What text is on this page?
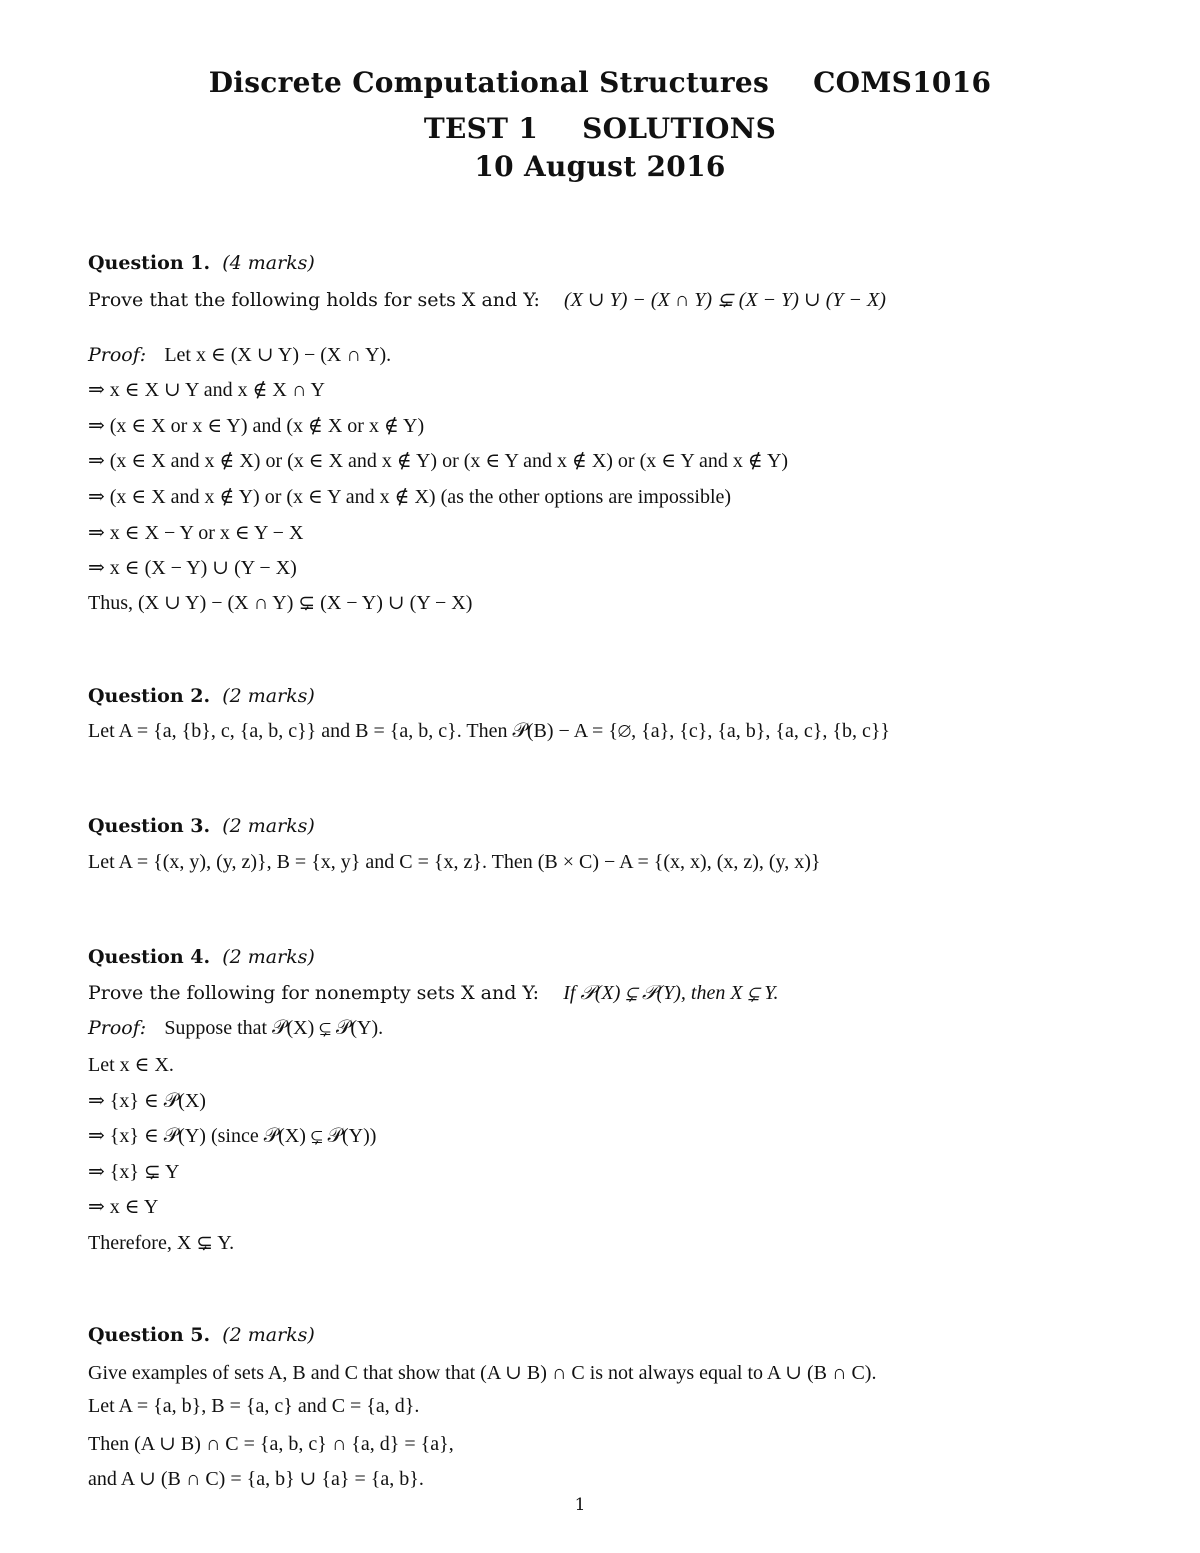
Discrete Computational Structures COMS1016
TEST 1 SOLUTIONS
10 August 2016
Question 1. (4 marks)
Prove that the following holds for sets X and Y: (X ∪ Y) − (X ∩ Y) ⊊ (X − Y) ∪ (Y − X)
Proof: Let x ∈ (X ∪ Y) − (X ∩ Y).
⇒ x ∈ X ∪ Y and x ∉ X ∩ Y
⇒ (x ∈ X or x ∈ Y) and (x ∉ X or x ∉ Y)
⇒ (x ∈ X and x ∉ X) or (x ∈ X and x ∉ Y) or (x ∈ Y and x ∉ X) or (x ∈ Y and x ∉ Y)
⇒ (x ∈ X and x ∉ Y) or (x ∈ Y and x ∉ X) (as the other options are impossible)
⇒ x ∈ X − Y or x ∈ Y − X
⇒ x ∈ (X − Y) ∪ (Y − X)
Thus, (X ∪ Y) − (X ∩ Y) ⊊ (X − Y) ∪ (Y − X)
Question 2. (2 marks)
Let A = {a, {b}, c, {a, b, c}} and B = {a, b, c}. Then 𝒫(B) − A = {∅, {a}, {c}, {a, b}, {a, c}, {b, c}}
Question 3. (2 marks)
Let A = {(x, y), (y, z)}, B = {x, y} and C = {x, z}. Then (B × C) − A = {(x, x), (x, z), (y, x)}
Question 4. (2 marks)
Prove the following for nonempty sets X and Y: If 𝒫(X) ⊊ 𝒫(Y), then X ⊊ Y.
Proof: Suppose that 𝒫(X) ⊊ 𝒫(Y).
Let x ∈ X.
⇒ {x} ∈ 𝒫(X)
⇒ {x} ∈ 𝒫(Y) (since 𝒫(X) ⊊ 𝒫(Y))
⇒ {x} ⊊ Y
⇒ x ∈ Y
Therefore, X ⊊ Y.
Question 5. (2 marks)
Give examples of sets A, B and C that show that (A ∪ B) ∩ C is not always equal to A ∪ (B ∩ C).
Let A = {a, b}, B = {a, c} and C = {a, d}.
Then (A ∪ B) ∩ C = {a, b, c} ∩ {a, d} = {a},
and A ∪ (B ∩ C) = {a, b} ∪ {a} = {a, b}.
1
